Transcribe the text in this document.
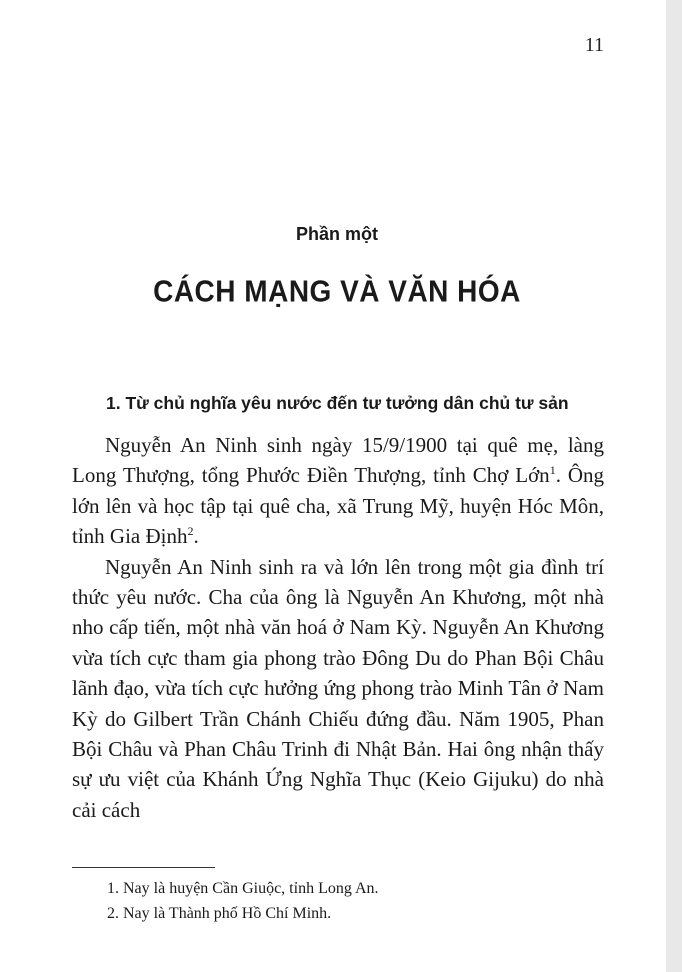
11
Phần một
CÁCH MẠNG VÀ VĂN HÓA
1. Từ chủ nghĩa yêu nước đến tư tưởng dân chủ tư sản

Nguyễn An Ninh sinh ngày 15/9/1900 tại quê mẹ, làng Long Thượng, tổng Phước Điền Thượng, tỉnh Chợ Lớn$^1$. Ông lớn lên và học tập tại quê cha, xã Trung Mỹ, huyện Hóc Môn, tỉnh Gia Định$^2$.

Nguyễn An Ninh sinh ra và lớn lên trong một gia đình trí thức yêu nước. Cha của ông là Nguyễn An Khương, một nhà nho cấp tiến, một nhà văn hoá ở Nam Kỳ. Nguyễn An Khương vừa tích cực tham gia phong trào Đông Du do Phan Bội Châu lãnh đạo, vừa tích cực hưởng ứng phong trào Minh Tân ở Nam Kỳ do Gilbert Trần Chánh Chiếu đứng đầu. Năm 1905, Phan Bội Châu và Phan Châu Trinh đi Nhật Bản. Hai ông nhận thấy sự ưu việt của Khánh Ứng Nghĩa Thục (Keio Gijuku) do nhà cải cách

1. Nay là huyện Cần Giuộc, tỉnh Long An.

2. Nay là Thành phố Hồ Chí Minh.
